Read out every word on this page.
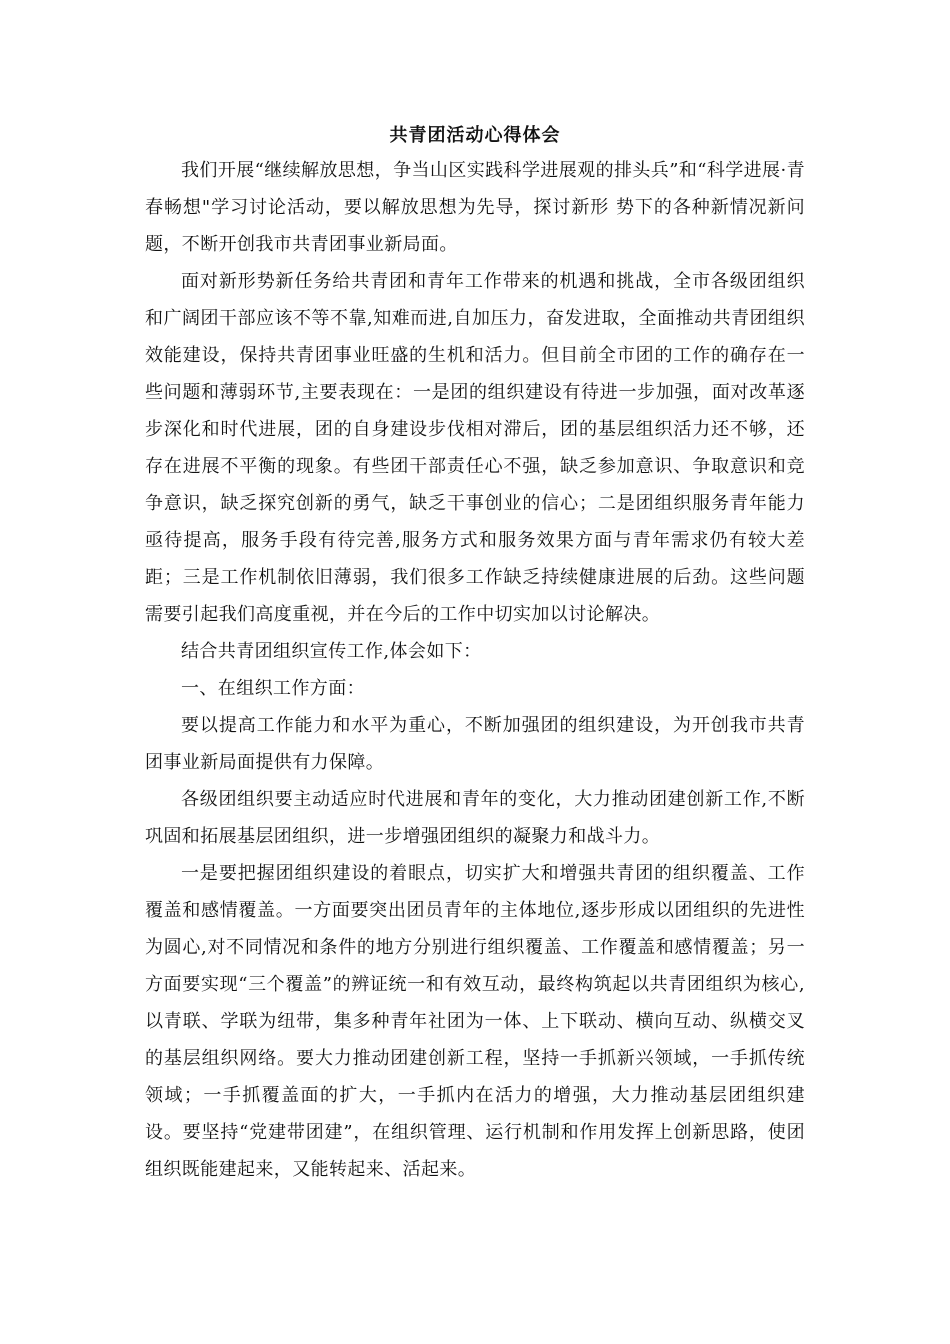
共青团活动心得体会

我们开展“继续解放思想，争当山区实践科学进展观的排头兵”和“科学进展·青春畅想"学习讨论活动，要以解放思想为先导，探讨新形 势下的各种新情况新问题，不断开创我市共青团事业新局面。

面对新形势新任务给共青团和青年工作带来的机遇和挑战，全市各级团组织和广阔团干部应该不等不靠,知难而进,自加压力，奋发进取，全面推动共青团组织效能建设，保持共青团事业旺盛的生机和活力。但目前全市团的工作的确存在一些问题和薄弱环节,主要表现在：一是团的组织建设有待进一步加强，面对改革逐步深化和时代进展，团的自身建设步伐相对滞后，团的基层组织活力还不够，还存在进展不平衡的现象。有些团干部责任心不强，缺乏参加意识、争取意识和竞争意识，缺乏探究创新的勇气，缺乏干事创业的信心；二是团组织服务青年能力亟待提高，服务手段有待完善,服务方式和服务效果方面与青年需求仍有较大差距；三是工作机制依旧薄弱，我们很多工作缺乏持续健康进展的后劲。这些问题需要引起我们高度重视，并在今后的工作中切实加以讨论解决。

结合共青团组织宣传工作,体会如下：

一、在组织工作方面：

要以提高工作能力和水平为重心，不断加强团的组织建设，为开创我市共青团事业新局面提供有力保障。

各级团组织要主动适应时代进展和青年的变化，大力推动团建创新工作,不断巩固和拓展基层团组织，进一步增强团组织的凝聚力和战斗力。

一是要把握团组织建设的着眼点，切实扩大和增强共青团的组织覆盖、工作覆盖和感情覆盖。一方面要突出团员青年的主体地位,逐步形成以团组织的先进性为圆心,对不同情况和条件的地方分别进行组织覆盖、工作覆盖和感情覆盖；另一方面要实现“三个覆盖”的辨证统一和有效互动，最终构筑起以共青团组织为核心,以青联、学联为纽带，集多种青年社团为一体、上下联动、横向互动、纵横交叉的基层组织网络。要大力推动团建创新工程，坚持一手抓新兴领域，一手抓传统领域；一手抓覆盖面的扩大，一手抓内在活力的增强，大力推动基层团组织建设。要坚持“党建带团建”，在组织管理、运行机制和作用发挥上创新思路，使团组织既能建起来，又能转起来、活起来。
